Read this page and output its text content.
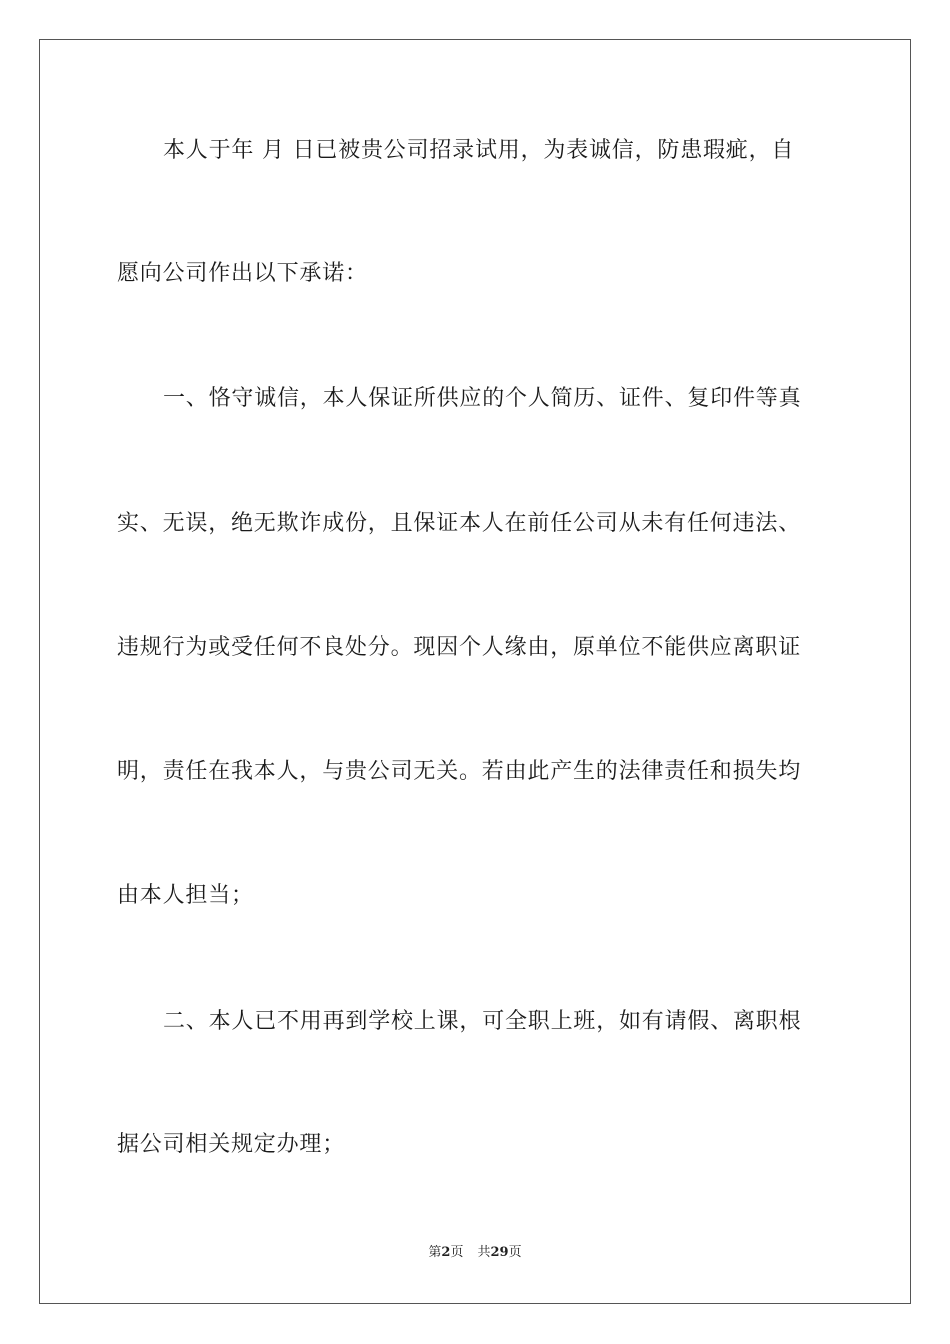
本人于年 月 日已被贵公司招录试用，为表诚信，防患瑕疵，自
愿向公司作出以下承诺：
一、恪守诚信，本人保证所供应的个人简历、证件、复印件等真
实、无误，绝无欺诈成份，且保证本人在前任公司从未有任何违法、
违规行为或受任何不良处分。现因个人缘由，原单位不能供应离职证
明，责任在我本人，与贵公司无关。若由此产生的法律责任和损失均
由本人担当；
二、本人已不用再到学校上课，可全职上班，如有请假、离职根
据公司相关规定办理；
第2页 共29页
